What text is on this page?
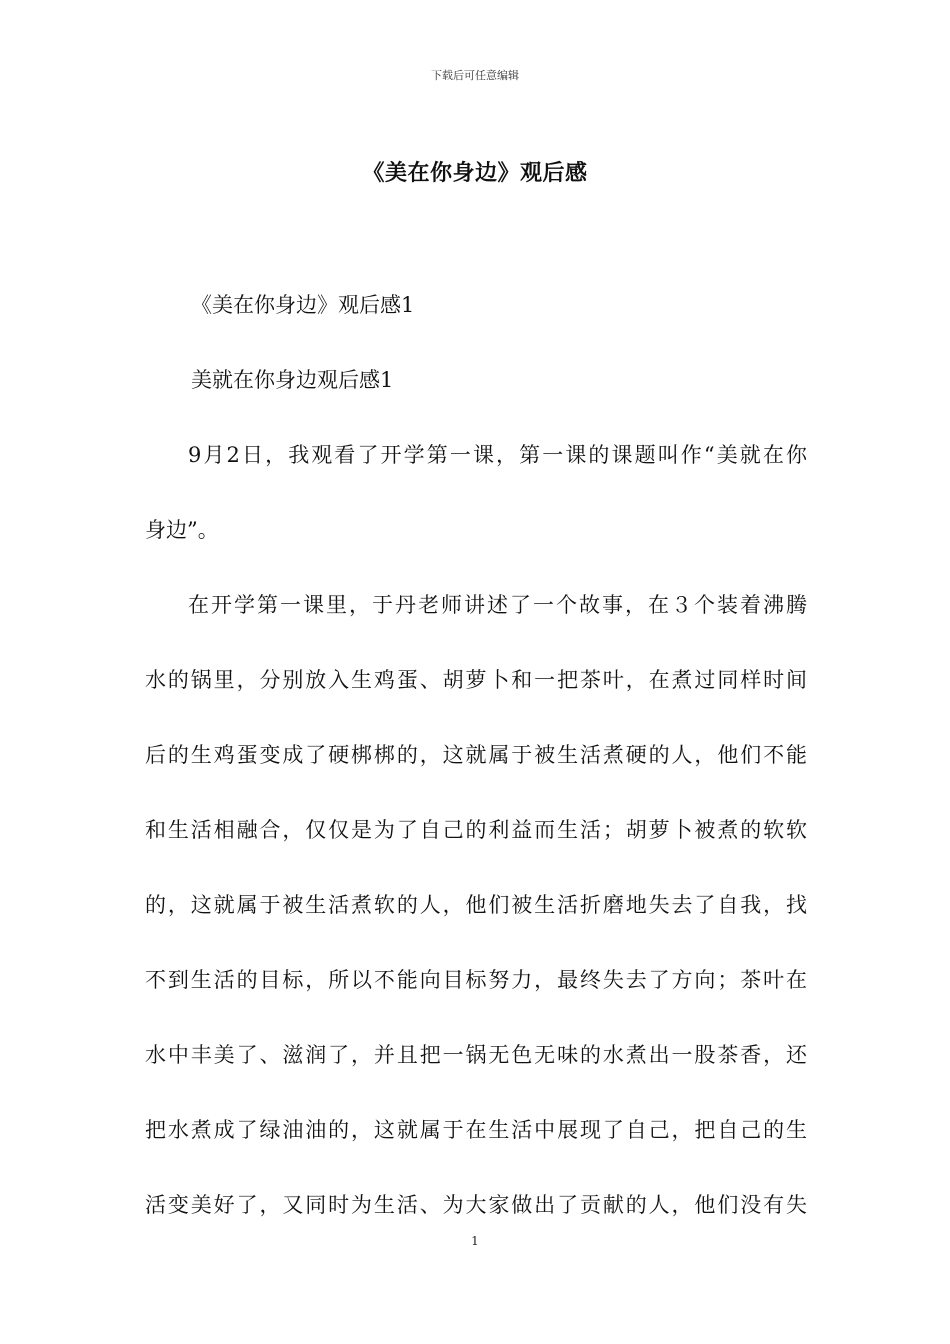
下载后可任意编辑
《美在你身边》观后感
《美在你身边》观后感1
美就在你身边观后感1
9月2日，我观看了开学第一课，第一课的课题叫作“美就在你
身边”。
在开学第一课里，于丹老师讲述了一个故事，在３个装着沸腾
水的锅里，分别放入生鸡蛋、胡萝卜和一把茶叶，在煮过同样时间
后的生鸡蛋变成了硬梆梆的，这就属于被生活煮硬的人，他们不能
和生活相融合，仅仅是为了自己的利益而生活；胡萝卜被煮的软软
的，这就属于被生活煮软的人，他们被生活折磨地失去了自我，找
不到生活的目标，所以不能向目标努力，最终失去了方向；茶叶在
水中丰美了、滋润了，并且把一锅无色无味的水煮出一股茶香，还
把水煮成了绿油油的，这就属于在生活中展现了自己，把自己的生
活变美好了，又同时为生活、为大家做出了贡献的人，他们没有失
1
